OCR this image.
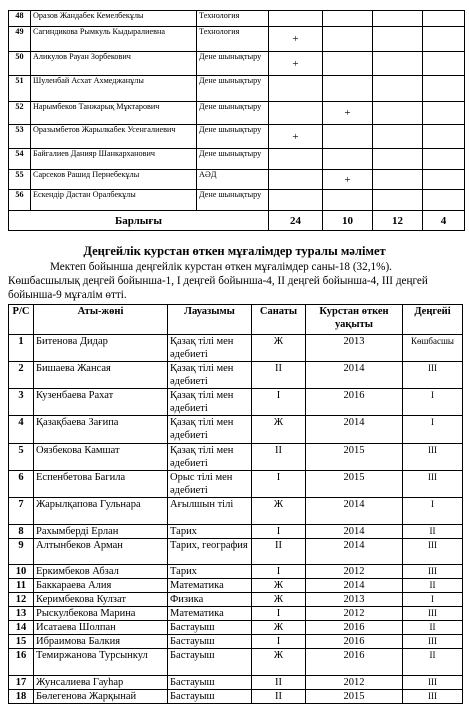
48	Оразов Жандабек Кемелбекұлы	Технология				
49	Сагиндикова Рымкуль Кыдыралиевна	Технология	+			
50	Аликулов Рауан Зорбекович	Дене шынықтыру	+			
51	Шуленбай Асхат Ахмеджанұлы	Дене шынықтыру				
52	Нарымбеков Танжарық Мұктарович	Дене шынықтыру		+		
53	Оразымбетов Жарылкабек Усенгалиевич	Дене шынықтыру	+			
54	Байгалиев Данияр Шанкарханович	Дене шынықтыру				
55	Сарсеков Рашид Пернебекұлы	АӘД		+		
56	Ескендір Дастан Оралбекұлы	Дене шынықтыру				
Барлығы			24	10	12	4
Деңгейлік курстан өткен мұғалімдер туралы мәлімет

Мектеп бойынша деңгейлік курстан өткен мұғалімдер саны-18 (32,1%). Көшбасшылық деңгей бойынша-1, I деңгей бойынша-4, II деңгей бойынша-4, III деңгей бойынша-9 мұғалім өтті.

Р/С	Аты-жөні	Лауазымы	Санаты	Курстан өткен уақыты	Деңгейі
1	Битенова Дидар	Қазақ тілі мен әдебиеті	Ж	2013	Көшбасшы
2	Бишаева Жансая	Қазақ тілі мен әдебиеті	II	2014	III
3	Кузенбаева Рахат	Қазақ тілі мен әдебиеті	I	2016	I
4	Қазақбаева Зағипа	Қазақ тілі мен әдебиеті	Ж	2014	I
5	Оязбекова Камшат	Қазақ тілі мен әдебиеті	II	2015	III
6	Еспенбетова Багила	Орыс тілі мен әдебиеті	I	2015	III
7	Жарылқапова Гульнара	Ағылшын тілі	Ж	2014	I
8	Рахымберді Ерлан	Тарих	I	2014	II
9	Алтынбеков Арман	Тарих, география	II	2014	III
10	Еркимбеков Абзал	Тарих	I	2012	III
11	Баккараева Алия	Математика	Ж	2014	II
12	Керимбекова Кулзат	Физика	Ж	2013	I
13	Рыскулбекова Марина	Математика	I	2012	III
14	Исатаева Шолпан	Бастауыш	Ж	2016	II
15	Ибраимова Балкия	Бастауыш	I	2016	III
16	Темиржанова Турсынкул	Бастауыш	Ж	2016	II
17	Жунсалиева Гауһар	Бастауыш	II	2012	III
18	Бөлегенова Жарқынай	Бастауыш	II	2015	III
